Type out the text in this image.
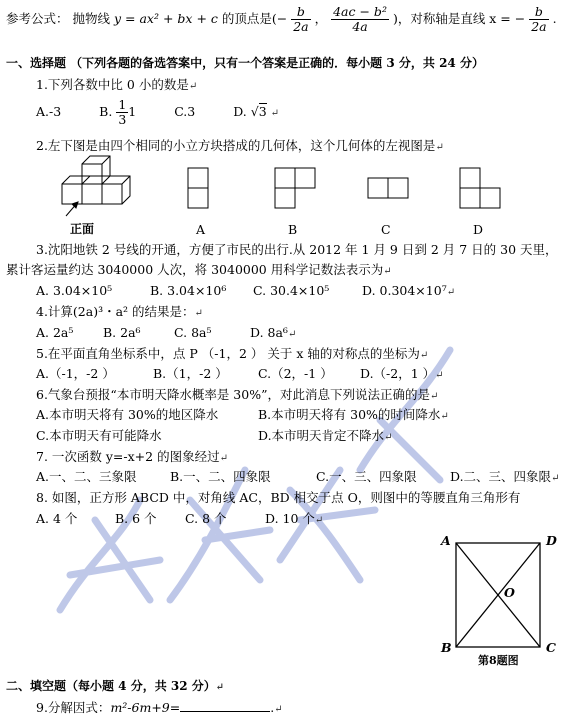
参考公式： 抛物线 y = ax² + bx + c 的顶点是(− $\frac{b}{2a}$ ， $\frac{\text{4ac − b²}}{4a}$ )，对称轴是直线 x = − $\frac{b}{2a}$ .
一、选择题 （下列各题的备选答案中，只有一个答案是正确的．每小题 3 分，共 24 分）
1.下列各数中比 0 小的数是↵
A.-3	B. $\frac{1}{3} 1$	C.3	D. √3 ↵
2.左下图是由四个相同的小立方块搭成的几何体，这个几何体的左视图是↵
正面	A	B	C	D
3.沈阳地铁 2 号线的开通，方便了市民的出行.从 2012 年 1 月 9 日到 2 月 7 日的 30 天里，
累计客运量约达 3040000 人次，将 3040000 用科学记数法表示为↵
A. 3.04×10⁵	B. 3.04×10⁶ C. 30.4×10⁵	D. 0.304×10⁷↵
4.计算(2a)³・a² 的结果是：↵
A. 2a⁵ B. 2a⁶	C. 8a⁵	D. 8a⁶↵
5.在平面直角坐标系中，点 P （-1，2 ） 关于 x 轴的对称点的坐标为↵
A.（-1，-2 ）	B.（1，-2 ） C.（2，-1 ） D.（-2，1 ）↵
6.气象台预报“本市明天降水概率是 30%”，对此消息下列说法正确的是↵
A.本市明天将有 30%的地区降水	B.本市明天将有 30%的时间降水↵
C.本市明天有可能降水	D.本市明天肯定不降水↵
7. 一次函数 y=-x+2 的图象经过↵
A.一、二、三象限	B.一、二、四象限	C.一、三、四象限	D.二、三、四象限↵
8. 如图，正方形 ABCD 中，对角线 AC，BD 相交于点 O，则图中的等腰直角三角形有
A. 4 个	B. 6 个 C. 8 个	D. 10 个↵
A	D
O
B	C
第8题图
二、填空题（每小题 4 分，共 32 分）↵
9.分解因式：m²-6m+9=	.↵
